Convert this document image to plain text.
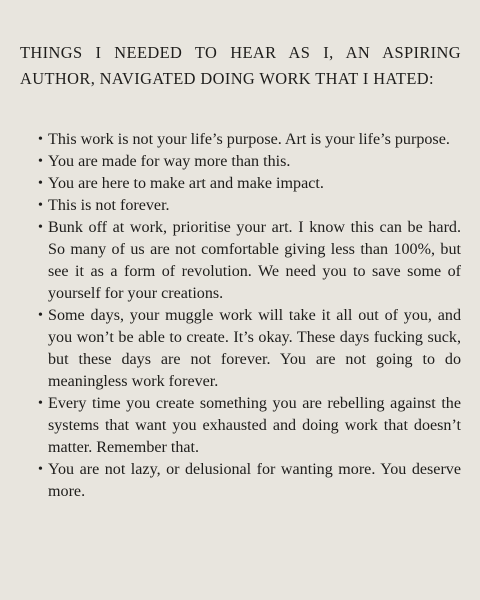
THINGS I NEEDED TO HEAR AS I, AN ASPIRING AUTHOR, NAVIGATED DOING WORK THAT I HATED:
• This work is not your life’s purpose. Art is your life’s purpose.
• You are made for way more than this.
• You are here to make art and make impact.
• This is not forever.
• Bunk off at work, prioritise your art. I know this can be hard. So many of us are not comfortable giving less than 100%, but see it as a form of revolution. We need you to save some of yourself for your creations.
• Some days, your muggle work will take it all out of you, and you won’t be able to create. It’s okay. These days fucking suck, but these days are not forever. You are not going to do meaningless work forever.
• Every time you create something you are rebelling against the systems that want you exhausted and doing work that doesn’t matter. Remember that.
• You are not lazy, or delusional for wanting more. You deserve more.
